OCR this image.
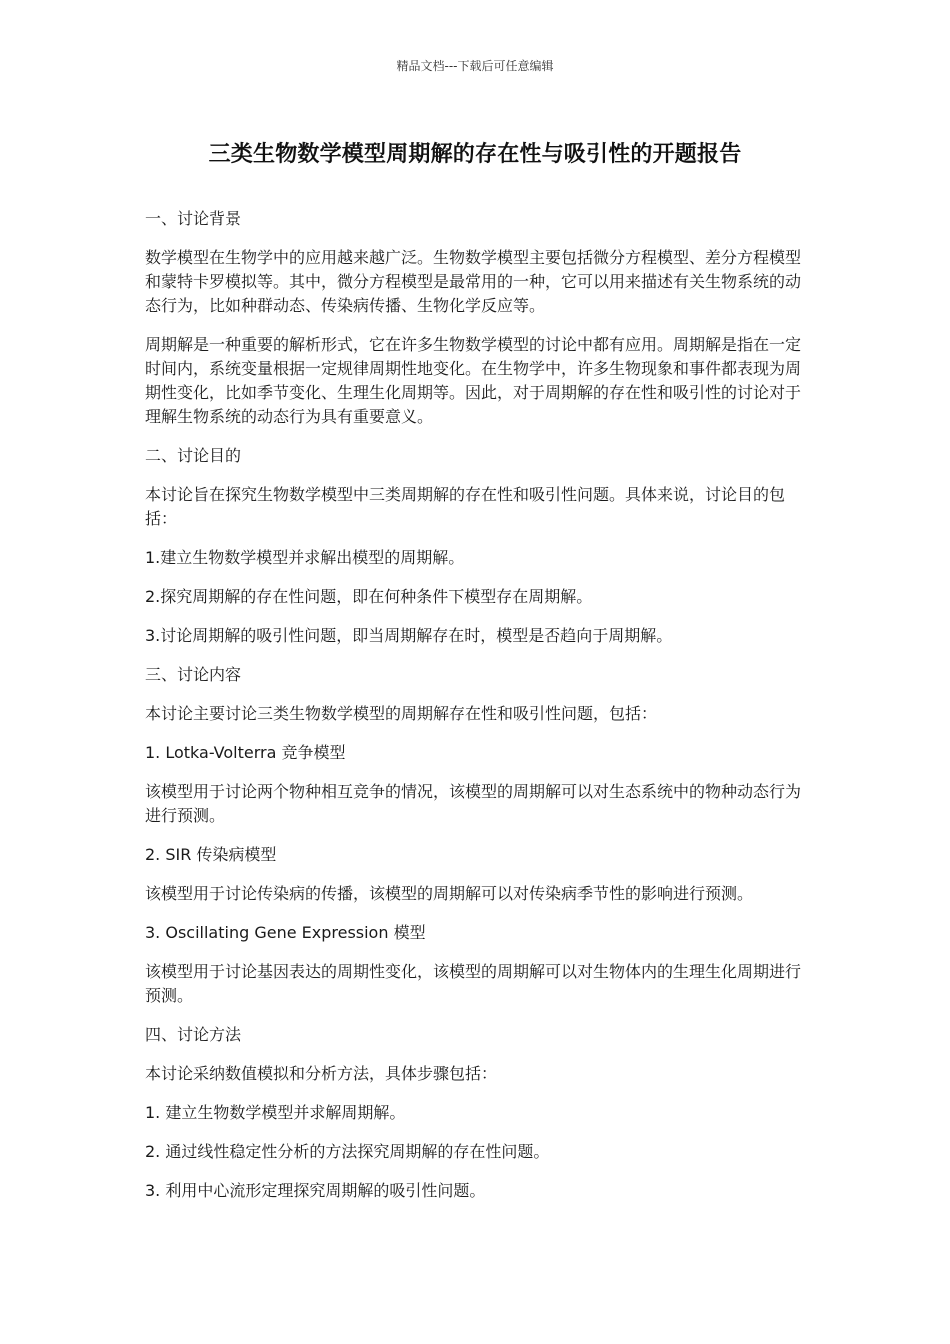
精品文档---下载后可任意编辑
三类生物数学模型周期解的存在性与吸引性的开题报告

一、讨论背景

数学模型在生物学中的应用越来越广泛。生物数学模型主要包括微分方程模型、差分方程模型和蒙特卡罗模拟等。其中，微分方程模型是最常用的一种，它可以用来描述有关生物系统的动态行为，比如种群动态、传染病传播、生物化学反应等。

周期解是一种重要的解析形式，它在许多生物数学模型的讨论中都有应用。周期解是指在一定时间内，系统变量根据一定规律周期性地变化。在生物学中，许多生物现象和事件都表现为周期性变化，比如季节变化、生理生化周期等。因此，对于周期解的存在性和吸引性的讨论对于理解生物系统的动态行为具有重要意义。

二、讨论目的

本讨论旨在探究生物数学模型中三类周期解的存在性和吸引性问题。具体来说，讨论目的包括：

1.建立生物数学模型并求解出模型的周期解。

2.探究周期解的存在性问题，即在何种条件下模型存在周期解。

3.讨论周期解的吸引性问题，即当周期解存在时，模型是否趋向于周期解。

三、讨论内容

本讨论主要讨论三类生物数学模型的周期解存在性和吸引性问题，包括：

1. Lotka-Volterra 竞争模型

该模型用于讨论两个物种相互竞争的情况，该模型的周期解可以对生态系统中的物种动态行为进行预测。

2. SIR 传染病模型

该模型用于讨论传染病的传播，该模型的周期解可以对传染病季节性的影响进行预测。

3. Oscillating Gene Expression 模型

该模型用于讨论基因表达的周期性变化，该模型的周期解可以对生物体内的生理生化周期进行预测。

四、讨论方法

本讨论采纳数值模拟和分析方法，具体步骤包括：

1. 建立生物数学模型并求解周期解。

2. 通过线性稳定性分析的方法探究周期解的存在性问题。

3. 利用中心流形定理探究周期解的吸引性问题。
